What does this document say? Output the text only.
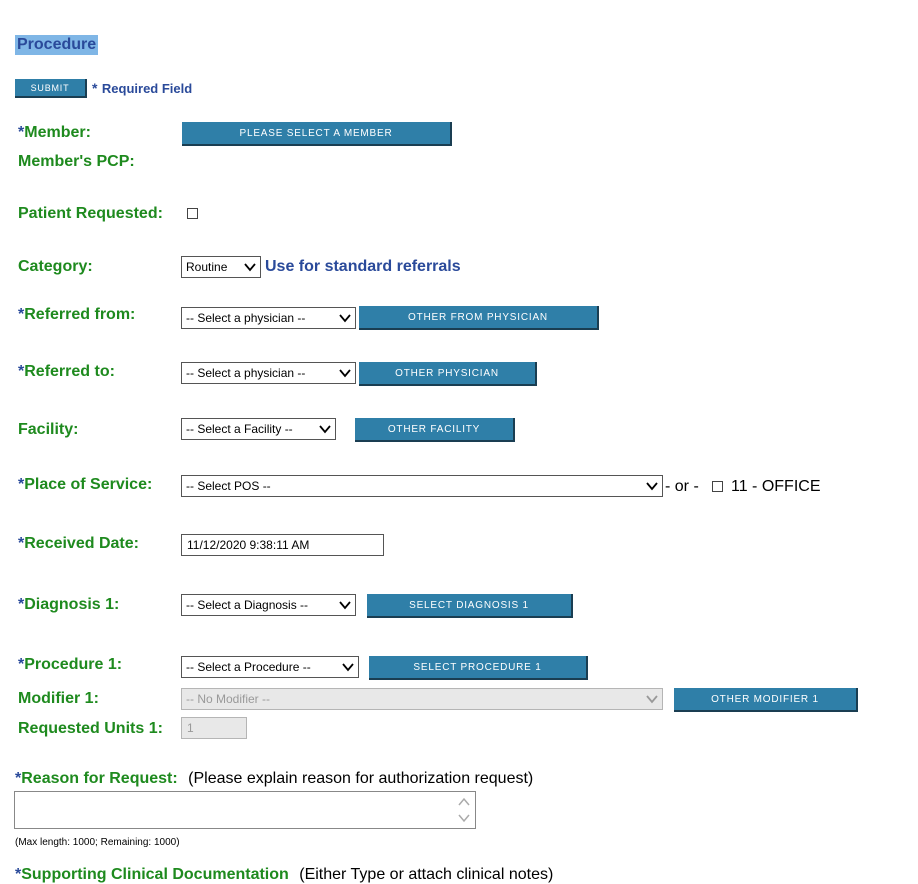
Procedure
SUBMIT	* Required Field
*Member:	PLEASE SELECT A MEMBER
Member's PCP:
Patient Requested:
Category:	Routine	Use for standard referrals
*Referred from:	-- Select a physician --	OTHER FROM PHYSICIAN
*Referred to:	-- Select a physician --	OTHER PHYSICIAN
Facility:	-- Select a Facility --	OTHER FACILITY
*Place of Service:	-- Select POS --	- or - 11 - OFFICE
*Received Date:	11/12/2020 9:38:11 AM
*Diagnosis 1:	-- Select a Diagnosis --	SELECT DIAGNOSIS 1
*Procedure 1:	-- Select a Procedure --	SELECT PROCEDURE 1
Modifier 1:	-- No Modifier --	OTHER MODIFIER 1
Requested Units 1:	1
*Reason for Request: (Please explain reason for authorization request)
(Max length: 1000; Remaining: 1000)
*Supporting Clinical Documentation (Either Type or attach clinical notes)
